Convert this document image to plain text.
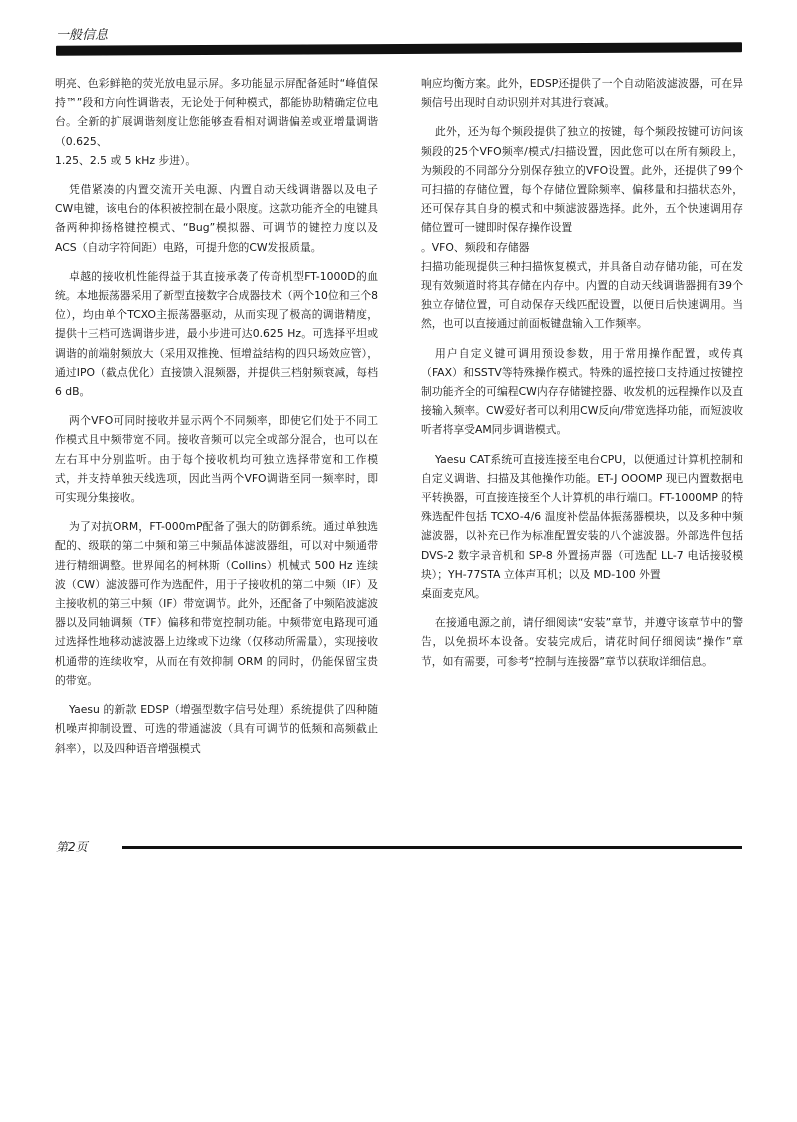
一般信息

明亮、色彩鲜艳的荧光放电显示屏。多功能显示屏配备延时“峰值保持™”段和方向性调谐表，无论处于何种模式，都能协助精确定位电台。全新的扩展调谐刻度让您能够查看相对调谐偏差或亚增量调谐（0.625、

1.25、2.5 或 5 kHz 步进）。

凭借紧凑的内置交流开关电源、内置自动天线调谐器以及电子CW电键，该电台的体积被控制在最小限度。这款功能齐全的电键具备两种抑扬格键控模式、“Bug”模拟器、可调节的键控力度以及ACS（自动字符间距）电路，可提升您的CW发报质量。

卓越的接收机性能得益于其直接承袭了传奇机型FT-1000D的血统。本地振荡器采用了新型直接数字合成器技术（两个10位和三个8位），均由单个TCXO主振荡器驱动，从而实现了极高的调谐精度，提供十三档可选调谐步进，最小步进可达0.625 Hz。可选择平坦或调谐的前端射频放大（采用双推挽、恒增益结构的四只场效应管），通过IPO（截点优化）直接馈入混频器，并提供三档射频衰减，每档6 dB。

两个VFO可同时接收并显示两个不同频率，即使它们处于不同工作模式且中频带宽不同。接收音频可以完全或部分混合，也可以在左右耳中分别监听。由于每个接收机均可独立选择带宽和工作模式，并支持单独天线选项，因此当两个VFO调谐至同一频率时，即可实现分集接收。

为了对抗ORM，FT-000mP配备了强大的防御系统。通过单独选配的、级联的第二中频和第三中频晶体滤波器组，可以对中频通带进行精细调整。世界闻名的柯林斯（Collins）机械式 500 Hz 连续波（CW）滤波器可作为选配件，用于子接收机的第二中频（IF）及主接收机的第三中频（IF）带宽调节。此外，还配备了中频陷波滤波器以及同轴调频（TF）偏移和带宽控制功能。中频带宽电路现可通过选择性地移动滤波器上边缘或下边缘（仅移动所需量），实现接收机通带的连续收窄，从而在有效抑制 ORM 的同时，仍能保留宝贵的带宽。

Yaesu 的新款 EDSP（增强型数字信号处理）系统提供了四种随机噪声抑制设置、可选的带通滤波（具有可调节的低频和高频截止斜率），以及四种语音增强模式

响应均衡方案。此外，EDSP还提供了一个自动陷波滤波器，可在异频信号出现时自动识别并对其进行衰减。

此外，还为每个频段提供了独立的按键，每个频段按键可访问该频段的25个VFO频率/模式/扫描设置，因此您可以在所有频段上，为频段的不同部分分别保存独立的VFO设置。此外，还提供了99个可扫描的存储位置，每个存储位置除频率、偏移量和扫描状态外，还可保存其自身的模式和中频滤波器选择。此外，五个快速调用存储位置可一键即时保存操作设置

。VFO、频段和存储器

扫描功能现提供三种扫描恢复模式，并具备自动存储功能，可在发现有效频道时将其存储在内存中。内置的自动天线调谐器拥有39个独立存储位置，可自动保存天线匹配设置，以便日后快速调用。当然，也可以直接通过前面板键盘输入工作频率。

用户自定义键可调用预设参数，用于常用操作配置，或传真（FAX）和SSTV等特殊操作模式。特殊的遥控接口支持通过按键控制功能齐全的可编程CW内存存储键控器、收发机的远程操作以及直接输入频率。CW爱好者可以利用CW反向/带宽选择功能，而短波收听者将享受AM同步调谐模式。

Yaesu CAT系统可直接连接至电台CPU，以便通过计算机控制和自定义调谐、扫描及其他操作功能。ET-J OOOMP 现已内置数据电平转换器，可直接连接至个人计算机的串行端口。FT-1000MP 的特殊选配件包括 TCXO-4/6 温度补偿晶体振荡器模块，以及多种中频滤波器，以补充已作为标准配置安装的八个滤波器。外部选件包括 DVS-2 数字录音机和 SP-8 外置扬声器（可选配 LL-7 电话接驳模块）；YH-77STA 立体声耳机；以及 MD-100 外置

桌面麦克风。

在接通电源之前，请仔细阅读“安装”章节，并遵守该章节中的警告，以免损坏本设备。安装完成后，请花时间仔细阅读“操作”章节，如有需要，可参考“控制与连接器”章节以获取详细信息。

第2页
